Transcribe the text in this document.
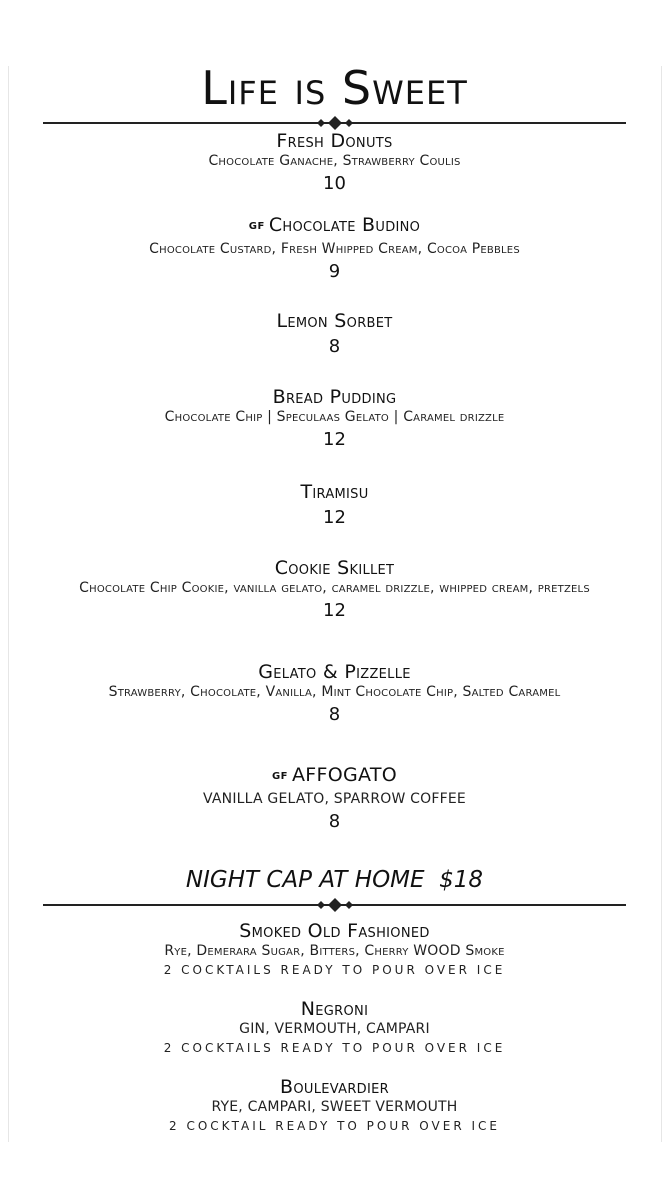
Life is Sweet
Fresh Donuts
Chocolate Ganache, Strawberry Coulis
10
GF Chocolate Budino
Chocolate Custard, Fresh Whipped Cream, Cocoa Pebbles
9
Lemon Sorbet
8
Bread Pudding
Chocolate Chip | Speculaas Gelato | Caramel drizzle
12
Tiramisu
12
Cookie Skillet
Chocolate Chip Cookie, vanilla gelato, caramel drizzle, whipped cream, pretzels
12
Gelato & Pizzelle
Strawberry, Chocolate, Vanilla, Mint Chocolate Chip, Salted Caramel
8
GF AFFOGATO
VANILLA GELATO, SPARROW COFFEE
8
NIGHT CAP AT HOME  $18
Smoked Old Fashioned
Rye, Demerara Sugar, Bitters, Cherry WOOD Smoke
2 COCKTAILS READY TO POUR OVER ICE
Negroni
GIN, VERMOUTH, CAMPARI
2 COCKTAILS READY TO POUR OVER ICE
Boulevardier
RYE, CAMPARI, SWEET VERMOUTH
2 COCKTAIL READY TO POUR OVER ICE
